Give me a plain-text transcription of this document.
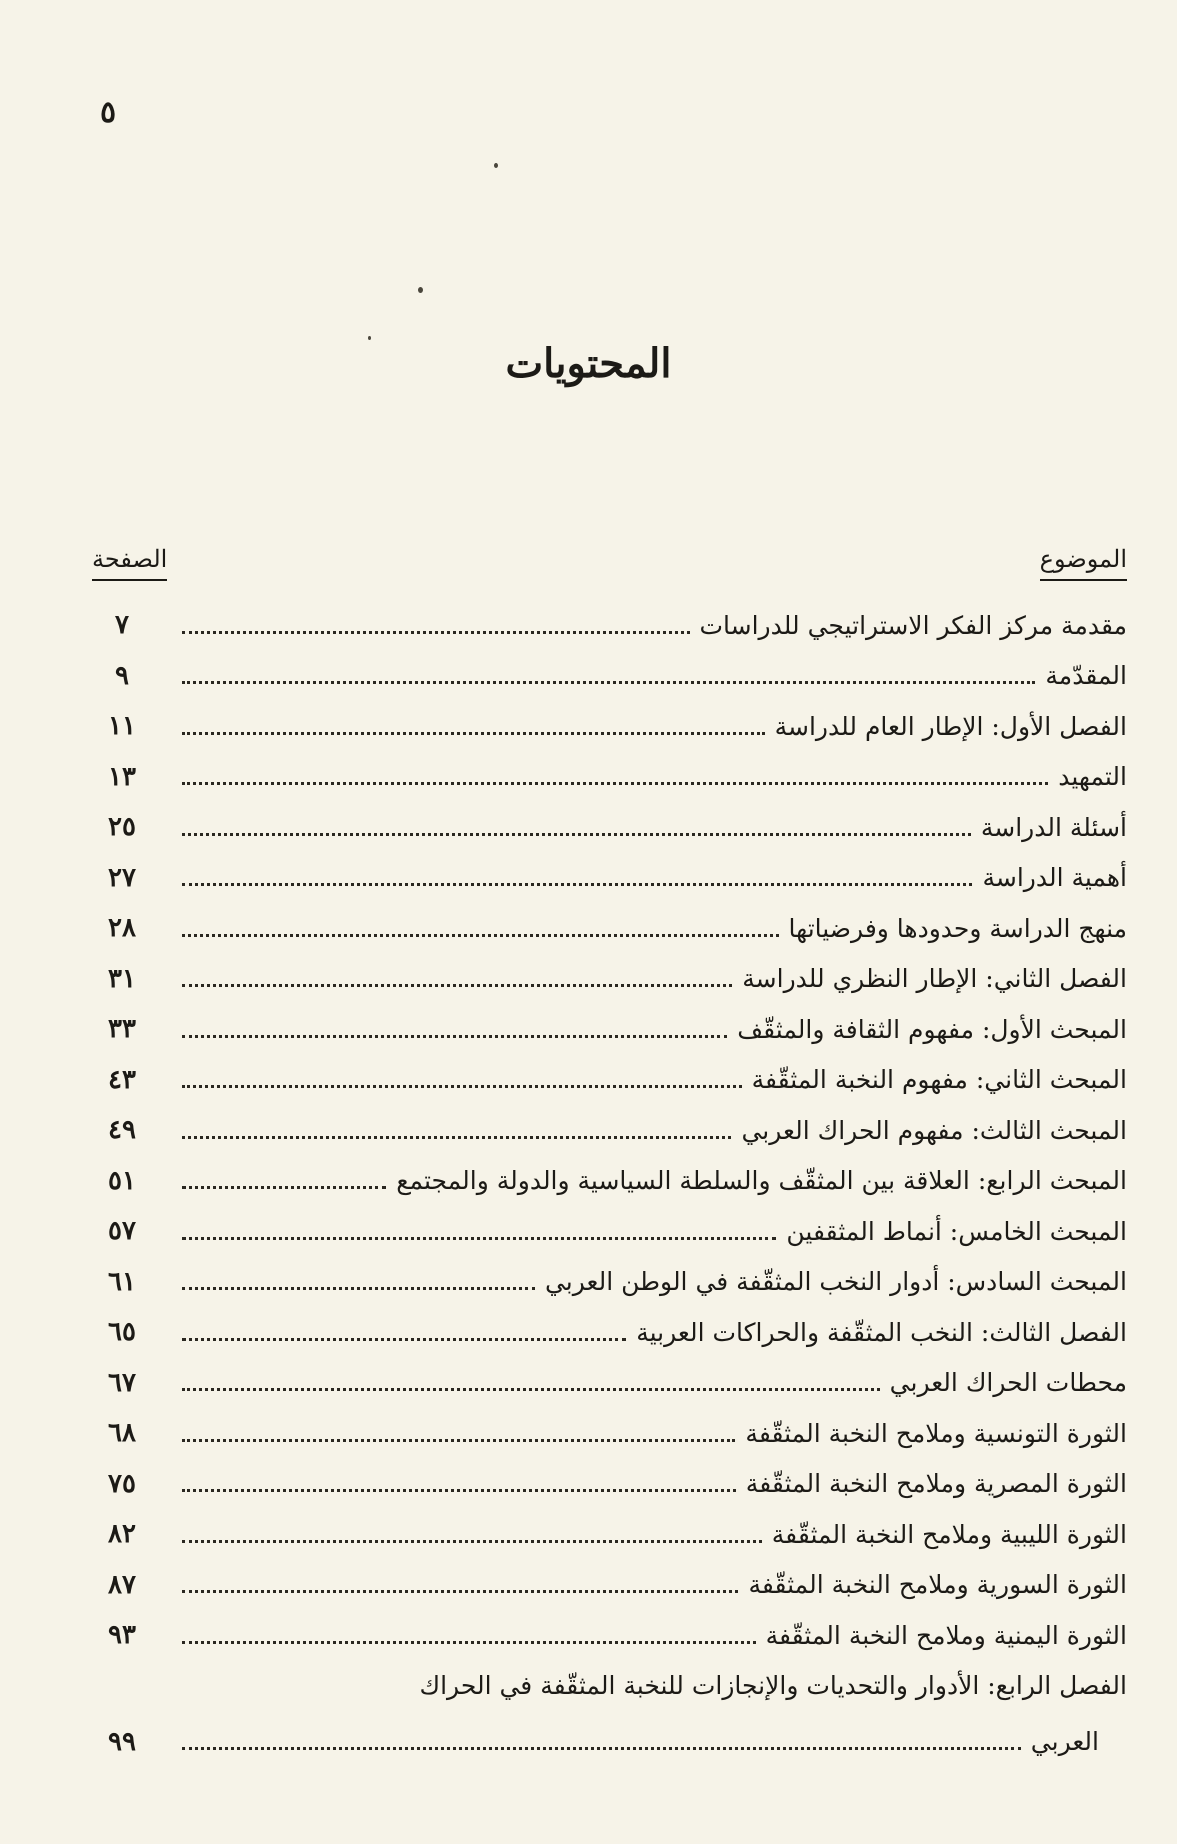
٥
المحتويات
الموضوع
الصفحة
مقدمة مركز الفكر الاستراتيجي للدراسات
٧
المقدّمة
٩
الفصل الأول: الإطار العام للدراسة
١١
التمهيد
١٣
أسئلة الدراسة
٢٥
أهمية الدراسة
٢٧
منهج الدراسة وحدودها وفرضياتها
٢٨
الفصل الثاني: الإطار النظري للدراسة
٣١
المبحث الأول: مفهوم الثقافة والمثقّف
٣٣
المبحث الثاني: مفهوم النخبة المثقّفة
٤٣
المبحث الثالث: مفهوم الحراك العربي
٤٩
المبحث الرابع: العلاقة بين المثقّف والسلطة السياسية والدولة والمجتمع
٥١
المبحث الخامس: أنماط المثقفين
٥٧
المبحث السادس: أدوار النخب المثقّفة في الوطن العربي
٦١
الفصل الثالث: النخب المثقّفة والحراكات العربية
٦٥
محطات الحراك العربي
٦٧
الثورة التونسية وملامح النخبة المثقّفة
٦٨
الثورة المصرية وملامح النخبة المثقّفة
٧٥
الثورة الليبية وملامح النخبة المثقّفة
٨٢
الثورة السورية وملامح النخبة المثقّفة
٨٧
الثورة اليمنية وملامح النخبة المثقّفة
٩٣
الفصل الرابع: الأدوار والتحديات والإنجازات للنخبة المثقّفة في الحراك
العربي
٩٩
